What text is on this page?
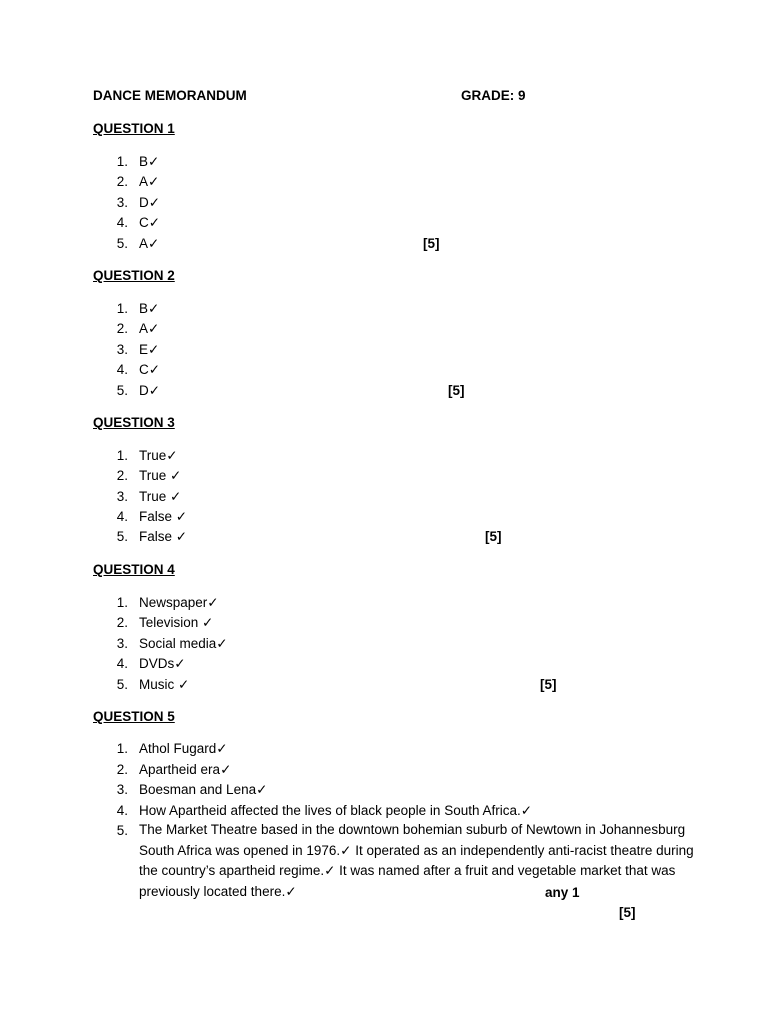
DANCE MEMORANDUM	GRADE: 9
QUESTION 1
1. B✓
2. A✓
3. D✓
4. C✓
5. A✓	[5]
QUESTION 2
1. B✓
2. A✓
3. E✓
4. C✓
5. D✓	[5]
QUESTION 3
1. True✓
2. True ✓
3. True ✓
4. False ✓
5. False ✓	[5]
QUESTION 4
1. Newspaper✓
2. Television ✓
3. Social media✓
4. DVDs✓
5. Music ✓	[5]
QUESTION 5
1. Athol Fugard✓
2. Apartheid era✓
3. Boesman and Lena✓
4. How Apartheid affected the lives of black people in South Africa.✓
5. The Market Theatre based in the downtown bohemian suburb of Newtown in Johannesburg South Africa was opened in 1976.✓ It operated as an independently anti-racist theatre during the country’s apartheid regime.✓ It was named after a fruit and vegetable market that was previously located there.✓	any 1
[5]
